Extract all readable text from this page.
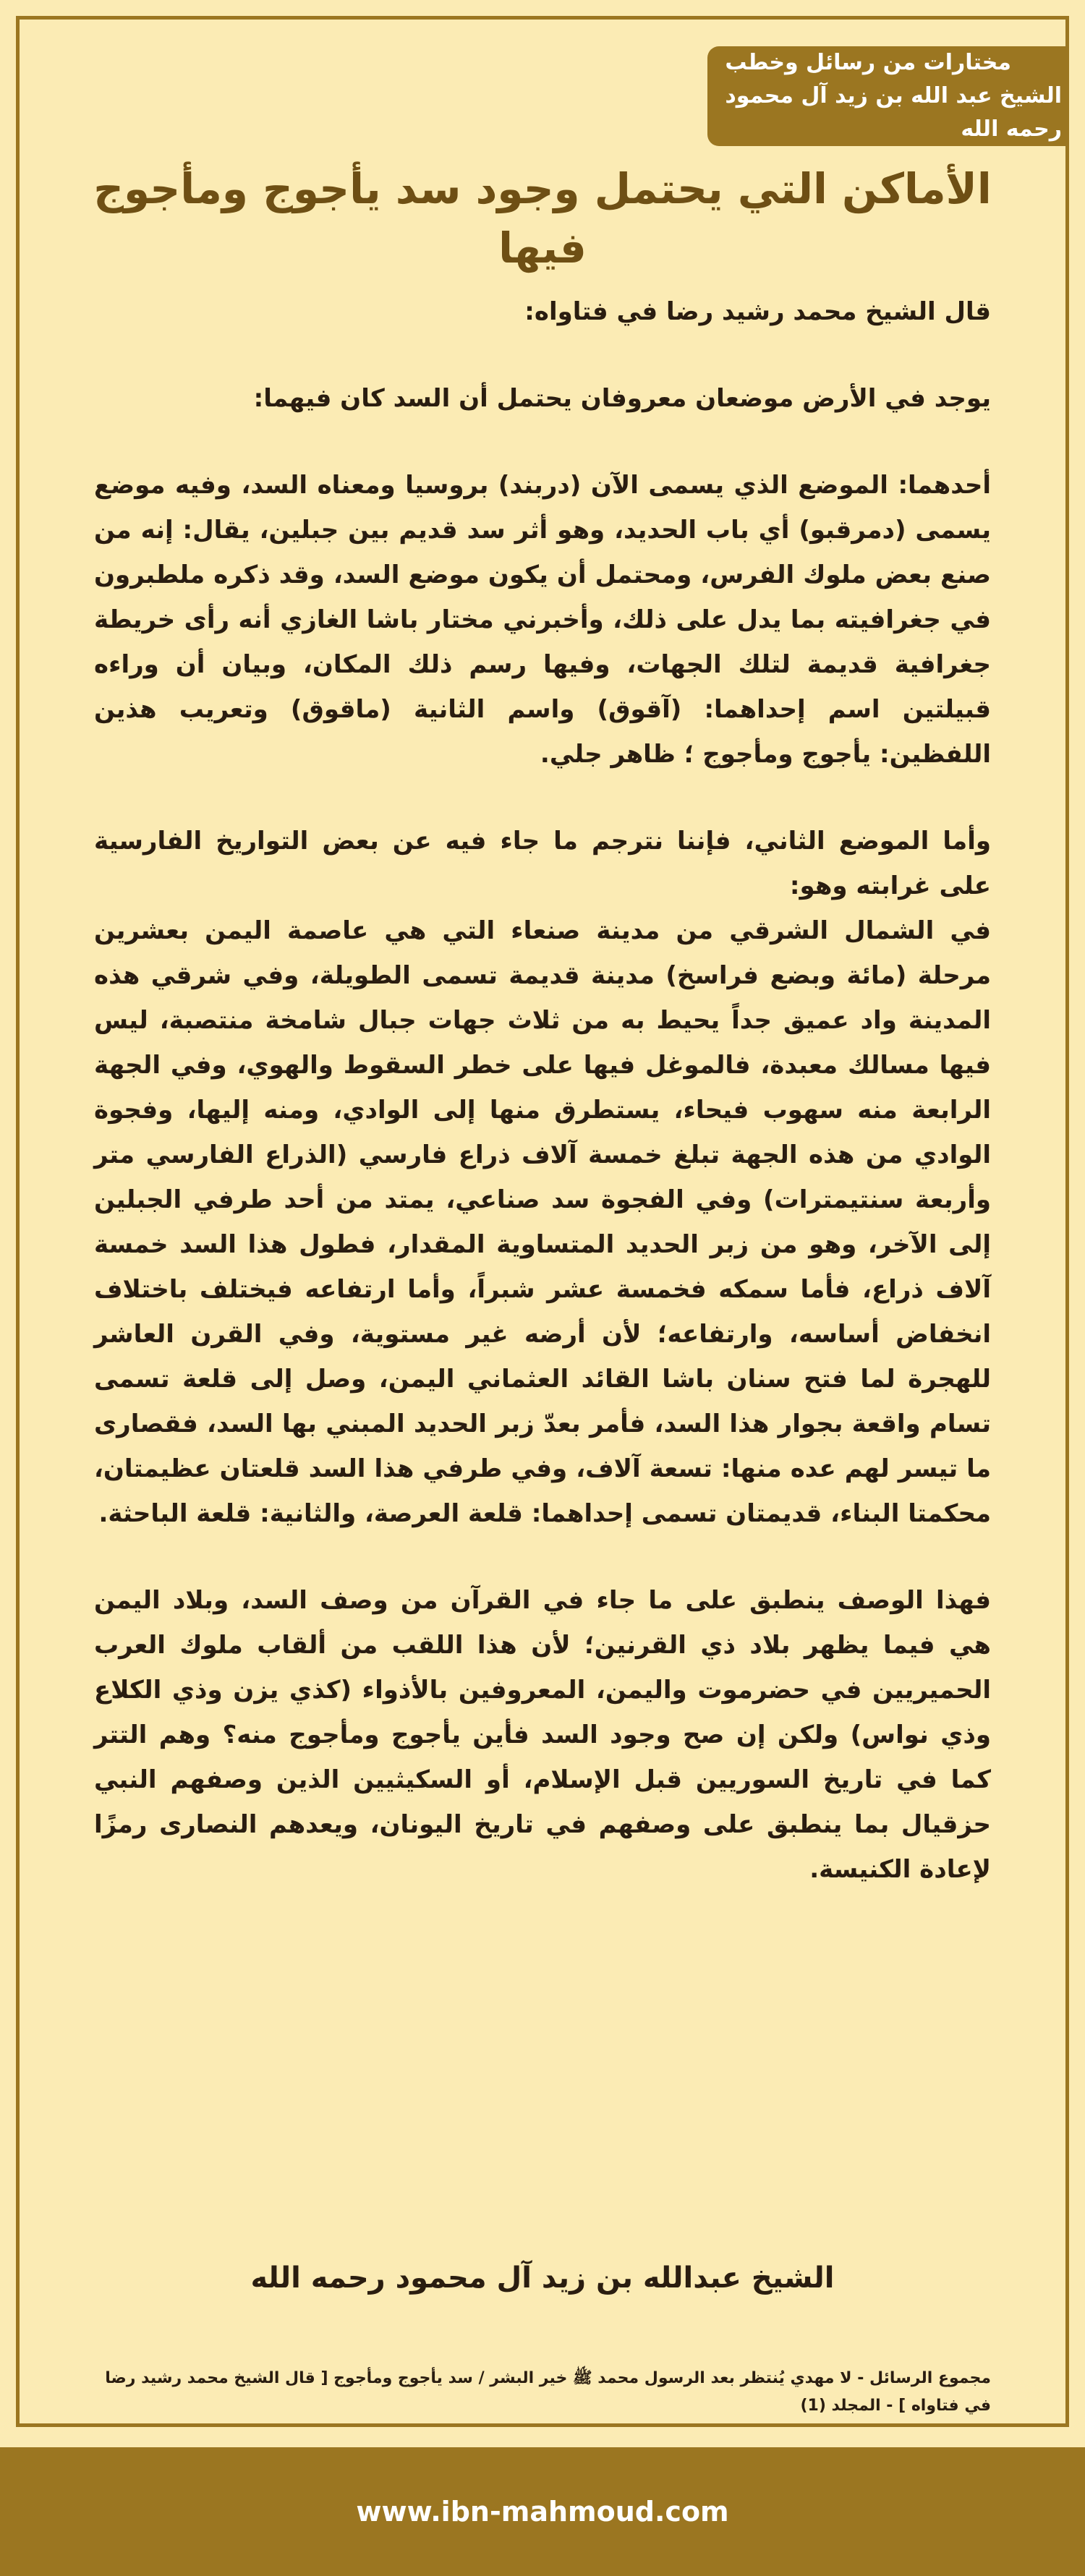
مختارات من رسائل وخطب
الشيخ عبد الله بن زيد آل محمود رحمه الله
الأماكن التي يحتمل وجود سد يأجوج ومأجوج فيها

قال الشيخ محمد رشيد رضا في فتاواه:

يوجد في الأرض موضعان معروفان يحتمل أن السد كان فيهما:

أحدهما: الموضع الذي يسمى الآن (دربند) بروسيا ومعناه السد، وفيه موضع يسمى (دمرقبو) أي باب الحديد، وهو أثر سد قديم بين جبلين، يقال: إنه من صنع بعض ملوك الفرس، ومحتمل أن يكون موضع السد، وقد ذكره ملطبرون في جغرافيته بما يدل على ذلك، وأخبرني مختار باشا الغازي أنه رأى خريطة جغرافية قديمة لتلك الجهات، وفيها رسم ذلك المكان، وبيان أن وراءه قبيلتين اسم إحداهما: (آقوق) واسم الثانية (ماقوق) وتعريب هذين اللفظين: يأجوج ومأجوج ؛ ظاهر جلي.

وأما الموضع الثاني، فإننا نترجم ما جاء فيه عن بعض التواريخ الفارسية على غرابته وهو:

في الشمال الشرقي من مدينة صنعاء التي هي عاصمة اليمن بعشرين مرحلة (مائة وبضع فراسخ) مدينة قديمة تسمى الطويلة، وفي شرقي هذه المدينة واد عميق جداً يحيط به من ثلاث جهات جبال شامخة منتصبة، ليس فيها مسالك معبدة، فالموغل فيها على خطر السقوط والهوي، وفي الجهة الرابعة منه سهوب فيحاء، يستطرق منها إلى الوادي، ومنه إليها، وفجوة الوادي من هذه الجهة تبلغ خمسة آلاف ذراع فارسي (الذراع الفارسي متر وأربعة سنتيمترات) وفي الفجوة سد صناعي، يمتد من أحد طرفي الجبلين إلى الآخر، وهو من زبر الحديد المتساوية المقدار، فطول هذا السد خمسة آلاف ذراع، فأما سمكه فخمسة عشر شبراً، وأما ارتفاعه فيختلف باختلاف انخفاض أساسه، وارتفاعه؛ لأن أرضه غير مستوية، وفي القرن العاشر للهجرة لما فتح سنان باشا القائد العثماني اليمن، وصل إلى قلعة تسمى تسام واقعة بجوار هذا السد، فأمر بعدّ زبر الحديد المبني بها السد، فقصارى ما تيسر لهم عده منها: تسعة آلاف، وفي طرفي هذا السد قلعتان عظيمتان، محكمتا البناء، قديمتان تسمى إحداهما: قلعة العرصة، والثانية: قلعة الباحثة.

فهذا الوصف ينطبق على ما جاء في القرآن من وصف السد، وبلاد اليمن هي فيما يظهر بلاد ذي القرنين؛ لأن هذا اللقب من ألقاب ملوك العرب الحميريين في حضرموت واليمن، المعروفين بالأذواء (كذي يزن وذي الكلاع وذي نواس) ولكن إن صح وجود السد فأين يأجوج ومأجوج منه؟ وهم التتر كما في تاريخ السوريين قبل الإسلام، أو السكيثيين الذين وصفهم النبي حزقيال بما ينطبق على وصفهم في تاريخ اليونان، ويعدهم النصارى رمزًا لإعادة الكنيسة.

الشيخ عبدالله بن زيد آل محمود رحمه الله
مجموع الرسائل - لا مهدي يُنتظر بعد الرسول محمد ﷺ خير البشر / سد يأجوج ومأجوج [ قال الشيخ محمد رشيد رضا في فتاواه ] - المجلد (1)
www.ibn-mahmoud.com
